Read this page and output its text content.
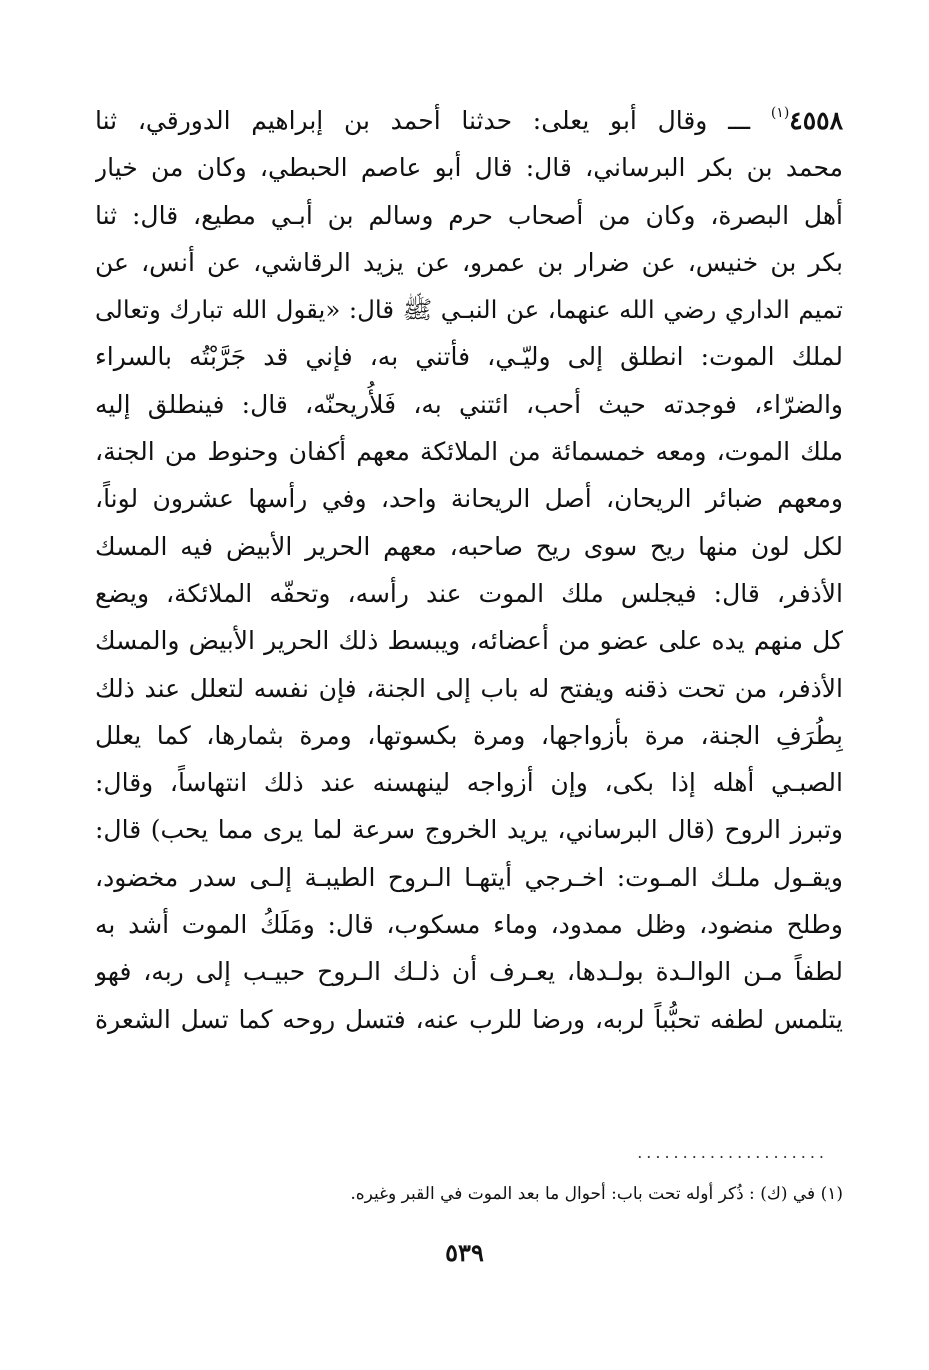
٤٥٥٨$^{(١)}$ ـــ وقال أبو يعلى: حدثنا أحمد بن إبراهيم الدورقي، ثنا
محمد بن بكر البرساني، قال: قال أبو عاصم الحبطي، وكان من خيار
أهل البصرة، وكان من أصحاب حرم وسالم بن أبـي مطيع، قال: ثنا
بكر بن خنيس، عن ضرار بن عمرو، عن يزيد الرقاشي، عن أنس، عن
تميم الداري رضي الله عنهما، عن النبـي ﷺ قال: «يقول الله تبارك وتعالى
لملك الموت: انطلق إلى وليّـي، فأتني به، فإني قد جَرَّبْتُه بالسراء
والضرّاء، فوجدته حيث أحب، ائتني به، فَلأُريحنّه، قال: فينطلق إليه
ملك الموت، ومعه خمسمائة من الملائكة معهم أكفان وحنوط من الجنة،
ومعهم ضبائر الريحان، أصل الريحانة واحد، وفي رأسها عشرون لوناً،
لكل لون منها ريح سوى ريح صاحبه، معهم الحرير الأبيض فيه المسك
الأذفر، قال: فيجلس ملك الموت عند رأسه، وتحفّه الملائكة، ويضع
كل منهم يده على عضو من أعضائه، ويبسط ذلك الحرير الأبيض والمسك
الأذفر، من تحت ذقنه ويفتح له باب إلى الجنة، فإن نفسه لتعلل عند ذلك
بِطُرَفِ الجنة، مرة بأزواجها، ومرة بكسوتها، ومرة بثمارها، كما يعلل
الصبـي أهله إذا بكى، وإن أزواجه لينهسنه عند ذلك انتهاساً، وقال:
وتبرز الروح (قال البرساني، يريد الخروج سرعة لما يرى مما يحب) قال:
ويقـول ملـك المـوت: اخـرجي أيتهـا الـروح الطيبـة إلـى سدر مخضود،
وطلح منضود، وظل ممدود، وماء مسكوب، قال: ومَلَكُ الموت أشد به
لطفاً مـن الوالـدة بولـدها، يعـرف أن ذلـك الـروح حبيـب إلى ربه، فهو
يتلمس لطفه تحبُّباً لربه، ورضا للرب عنه، فتسل روحه كما تسل الشعرة
.....................
(١) في (ك) : ذُكر أوله تحت باب: أحوال ما بعد الموت في القبر وغيره.
٥٣٩
